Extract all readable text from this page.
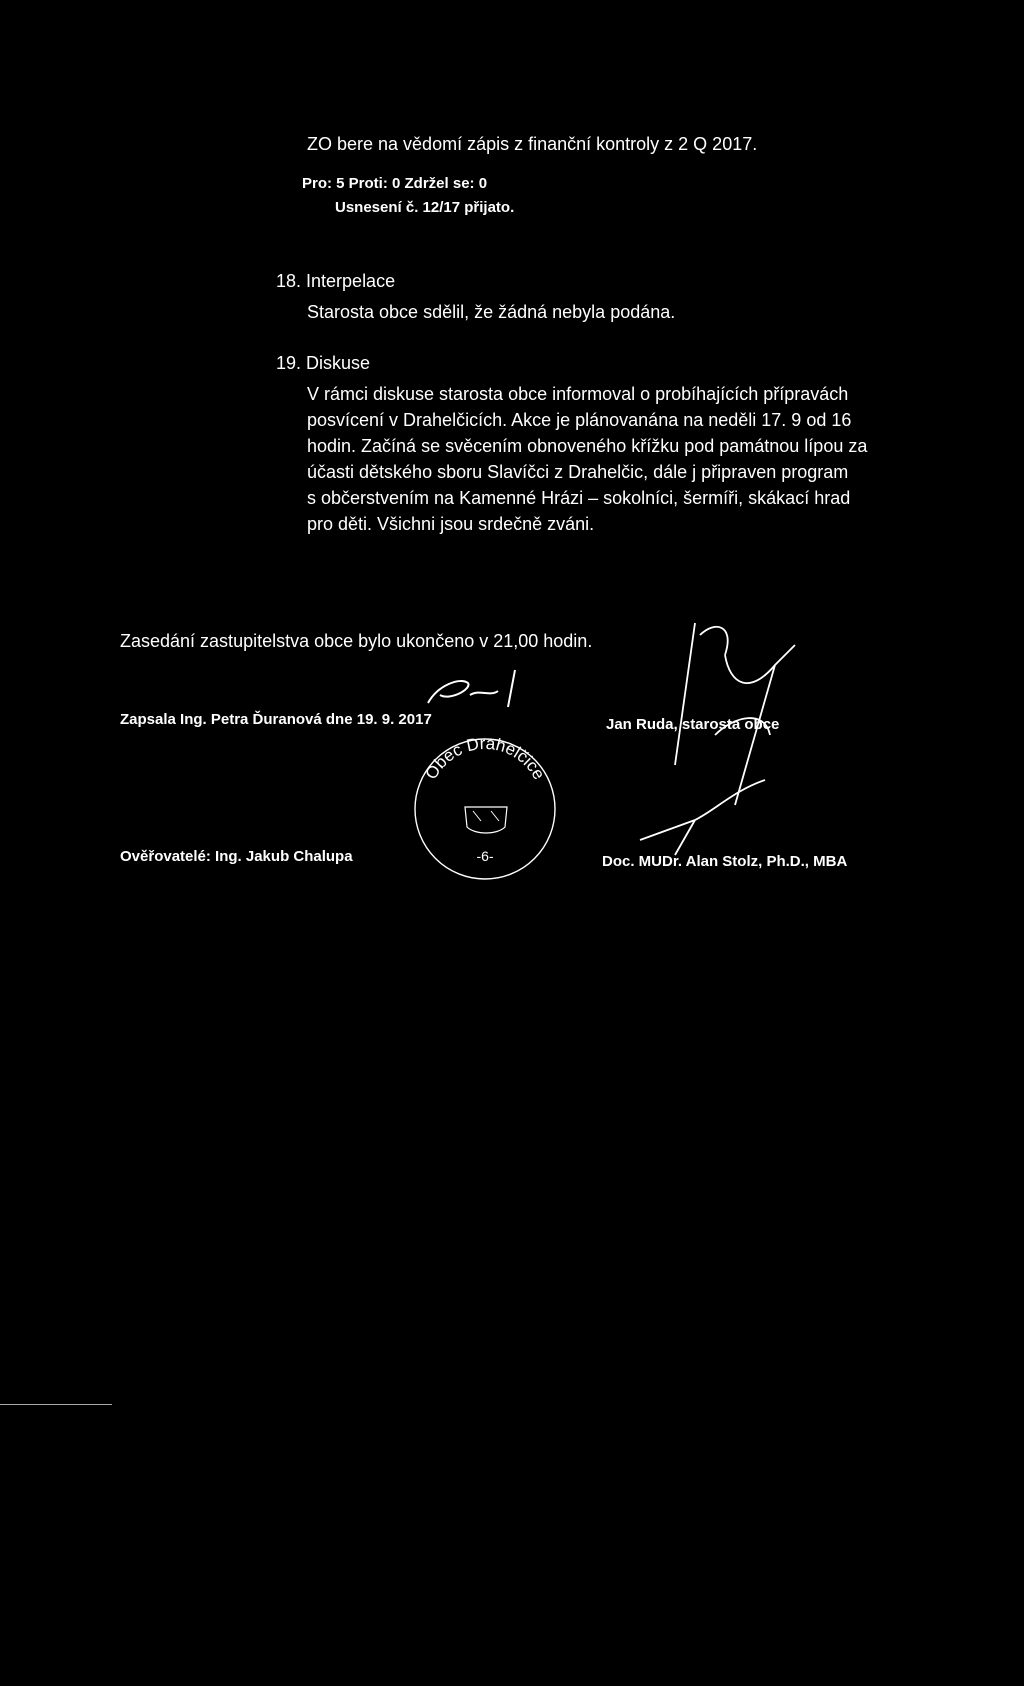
ZO bere na vědomí zápis z finanční kontroly z 2 Q 2017.
Pro: 5 Proti: 0 Zdržel se: 0
Usnesení č. 12/17 přijato.
18. Interpelace
Starosta obce sdělil, že žádná nebyla podána.
19. Diskuse
V rámci diskuse starosta obce informoval o probíhajících přípravách
posvícení v Drahelčicích. Akce je plánovanána na neděli 17. 9 od 16
hodin. Začíná se svěcením obnoveného křížku pod památnou lípou za
účasti dětského sboru Slavíčci z Drahelčic, dále j připraven program
s občerstvením na Kamenné Hrázi – sokolníci, šermíři, skákací hrad
pro děti. Všichni jsou srdečně zváni.
Zasedání zastupitelstva obce bylo ukončeno v 21,00 hodin.
Zapsala Ing. Petra Ďuranová dne 19. 9. 2017	Jan Ruda, starosta obce
Ověřovatelé: Ing. Jakub Chalupa	Doc. MUDr. Alan Stolz, Ph.D., MBA
Obec Drahelčice
-6-
